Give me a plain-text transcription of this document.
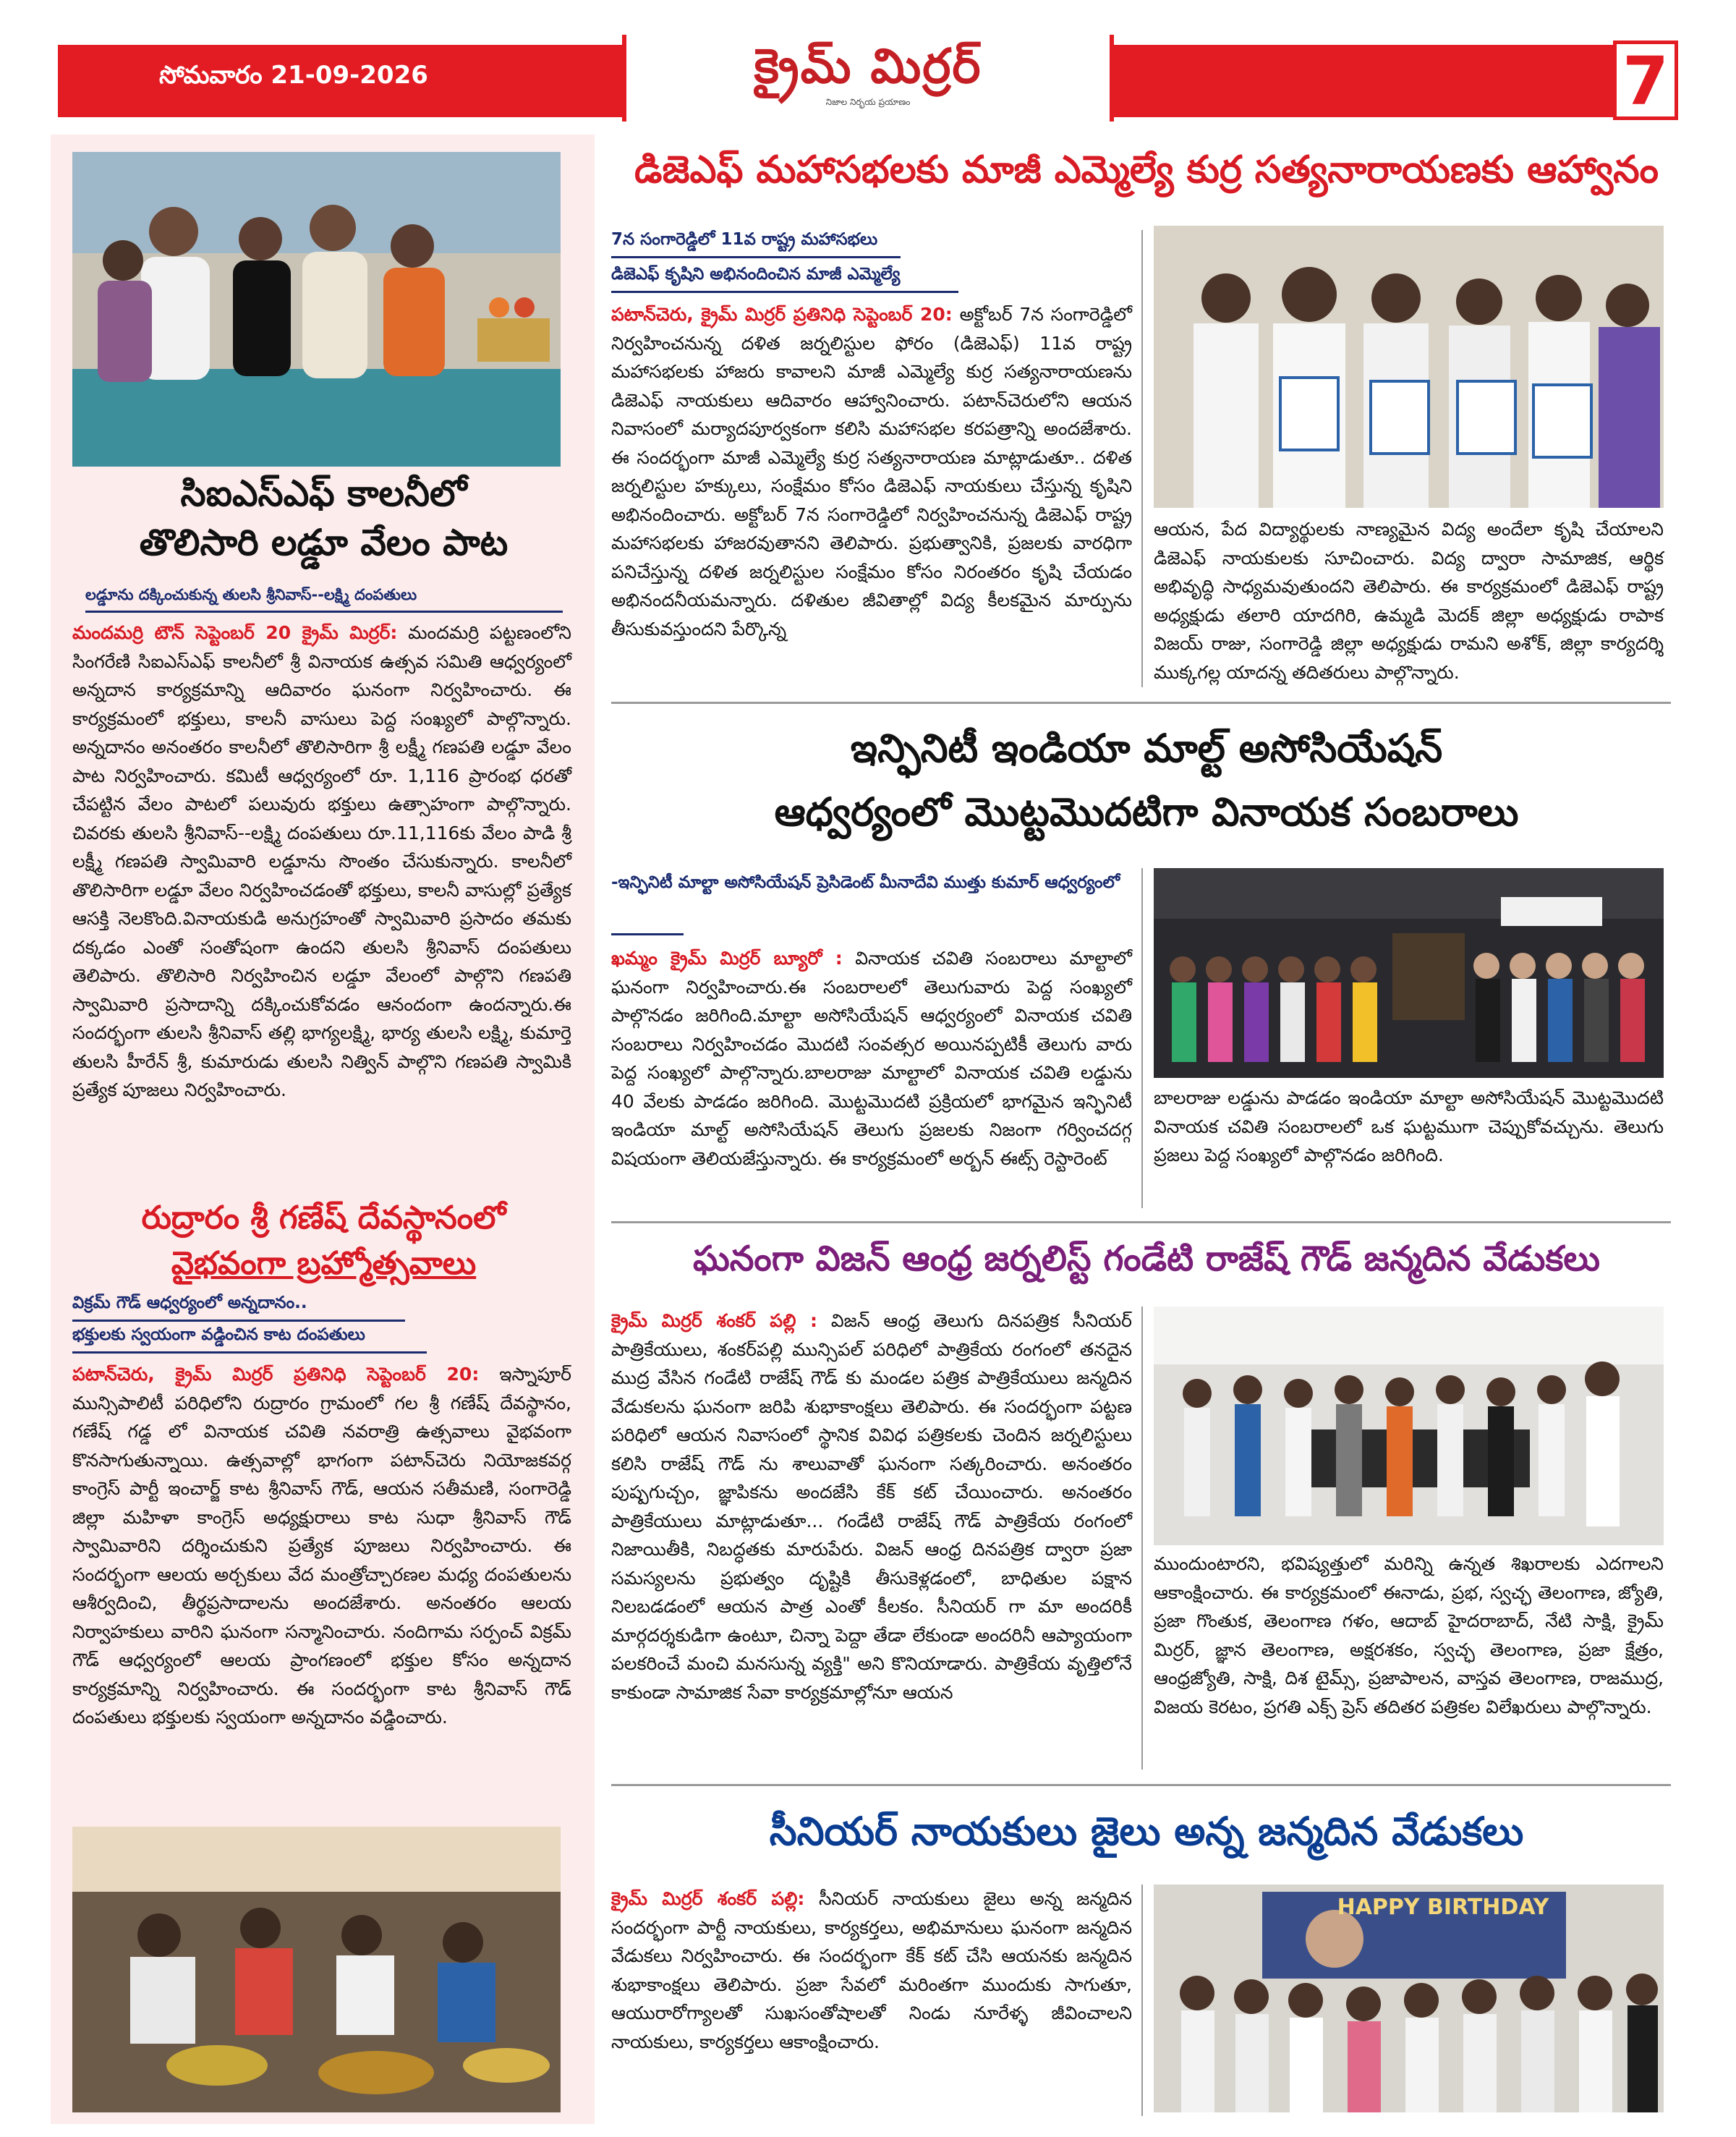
సోమవారం 21-09-2026	క్రైమ్ మిర్రర్
నిజాల నిర్భయ ప్రయాణం	7
సిఐఎస్ఎఫ్ కాలనీలో
తొలిసారి లడ్డూ వేలం పాట
లడ్డూను దక్కించుకున్న తులసి శ్రీనివాస్--లక్ష్మి దంపతులు
మందమర్రి టౌన్ సెప్టెంబర్ 20 క్రైమ్ మిర్రర్: మందమర్రి పట్టణంలోని సింగరేణి సిఐఎస్ఎఫ్ కాలనీలో శ్రీ వినాయక ఉత్సవ సమితి ఆధ్వర్యంలో అన్నదాన కార్యక్రమాన్ని ఆదివారం ఘనంగా నిర్వహించారు. ఈ కార్యక్రమంలో భక్తులు, కాలనీ వాసులు పెద్ద సంఖ్యలో పాల్గొన్నారు. అన్నదానం అనంతరం కాలనీలో తొలిసారిగా శ్రీ లక్ష్మీ గణపతి లడ్డూ వేలం పాట నిర్వహించారు. కమిటీ ఆధ్వర్యంలో రూ. 1,116 ప్రారంభ ధరతో చేపట్టిన వేలం పాటలో పలువురు భక్తులు ఉత్సాహంగా పాల్గొన్నారు. చివరకు తులసి శ్రీనివాస్--లక్ష్మి దంపతులు రూ.11,116కు వేలం పాడి శ్రీ లక్ష్మీ గణపతి స్వామివారి లడ్డూను సొంతం చేసుకున్నారు. కాలనీలో తొలిసారిగా లడ్డూ వేలం నిర్వహించడంతో భక్తులు, కాలనీ వాసుల్లో ప్రత్యేక ఆసక్తి నెలకొంది.వినాయకుడి అనుగ్రహంతో స్వామివారి ప్రసాదం తమకు దక్కడం ఎంతో సంతోషంగా ఉందని తులసి శ్రీనివాస్ దంపతులు తెలిపారు. తొలిసారి నిర్వహించిన లడ్డూ వేలంలో పాల్గొని గణపతి స్వామివారి ప్రసాదాన్ని దక్కించుకోవడం ఆనందంగా ఉందన్నారు.ఈ సందర్భంగా తులసి శ్రీనివాస్ తల్లి భాగ్యలక్ష్మి, భార్య తులసి లక్ష్మి, కుమార్తె తులసి హీరేన్ శ్రీ, కుమారుడు తులసి నిత్విన్ పాల్గొని గణపతి స్వామికి ప్రత్యేక పూజలు నిర్వహించారు.
రుద్రారం శ్రీ గణేష్ దేవస్థానంలో
వైభవంగా బ్రహ్మోత్సవాలు
విక్రమ్ గౌడ్ ఆధ్వర్యంలో అన్నదానం..
భక్తులకు స్వయంగా వడ్డించిన కాట దంపతులు
పటాన్‌చెరు, క్రైమ్ మిర్రర్ ప్రతినిధి సెప్టెంబర్ 20: ఇస్నాపూర్ మున్సిపాలిటీ పరిధిలోని రుద్రారం గ్రామంలో గల శ్రీ గణేష్ దేవస్థానం, గణేష్ గడ్డ లో వినాయక చవితి నవరాత్రి ఉత్సవాలు వైభవంగా కొనసాగుతున్నాయి. ఉత్సవాల్లో భాగంగా పటాన్‌చెరు నియోజకవర్గ కాంగ్రెస్ పార్టీ ఇంచార్జ్ కాట శ్రీనివాస్ గౌడ్, ఆయన సతీమణి, సంగారెడ్డి జిల్లా మహిళా కాంగ్రెస్ అధ్యక్షురాలు కాట సుధా శ్రీనివాస్ గౌడ్ స్వామివారిని దర్శించుకుని ప్రత్యేక పూజలు నిర్వహించారు. ఈ సందర్భంగా ఆలయ అర్చకులు వేద మంత్రోచ్చారణల మధ్య దంపతులను ఆశీర్వదించి, తీర్థప్రసాదాలను అందజేశారు. అనంతరం ఆలయ నిర్వాహకులు వారిని ఘనంగా సన్మానించారు. నందిగామ సర్పంచ్ విక్రమ్ గౌడ్ ఆధ్వర్యంలో ఆలయ ప్రాంగణంలో భక్తుల కోసం అన్నదాన కార్యక్రమాన్ని నిర్వహించారు. ఈ సందర్భంగా కాట శ్రీనివాస్ గౌడ్ దంపతులు భక్తులకు స్వయంగా అన్నదానం వడ్డించారు.
డిజెఎఫ్ మహాసభలకు మాజీ ఎమ్మెల్యే కుర్ర సత్యనారాయణకు ఆహ్వానం
7న సంగారెడ్డిలో 11వ రాష్ట్ర మహాసభలు
డిజెఎఫ్ కృషిని అభినందించిన మాజీ ఎమ్మెల్యే
పటాన్‌చెరు, క్రైమ్ మిర్రర్ ప్రతినిధి సెప్టెంబర్ 20: అక్టోబర్ 7న సంగారెడ్డిలో నిర్వహించనున్న దళిత జర్నలిస్టుల ఫోరం (డిజెఎఫ్) 11వ రాష్ట్ర మహాసభలకు హాజరు కావాలని మాజీ ఎమ్మెల్యే కుర్ర సత్యనారాయణను డిజెఎఫ్ నాయకులు ఆదివారం ఆహ్వానించారు. పటాన్‌చెరులోని ఆయన నివాసంలో మర్యాదపూర్వకంగా కలిసి మహాసభల కరపత్రాన్ని అందజేశారు. ఈ సందర్భంగా మాజీ ఎమ్మెల్యే కుర్ర సత్యనారాయణ మాట్లాడుతూ.. దళిత జర్నలిస్టుల హక్కులు, సంక్షేమం కోసం డిజెఎఫ్ నాయకులు చేస్తున్న కృషిని అభినందించారు. అక్టోబర్ 7న సంగారెడ్డిలో నిర్వహించనున్న డిజెఎఫ్ రాష్ట్ర మహాసభలకు హాజరవుతానని తెలిపారు. ప్రభుత్వానికి, ప్రజలకు వారధిగా పనిచేస్తున్న దళిత జర్నలిస్టుల సంక్షేమం కోసం నిరంతరం కృషి చేయడం అభినందనీయమన్నారు. దళితుల జీవితాల్లో విద్య కీలకమైన మార్పును తీసుకువస్తుందని పేర్కొన్న
ఆయన, పేద విద్యార్థులకు నాణ్యమైన విద్య అందేలా కృషి చేయాలని డిజెఎఫ్ నాయకులకు సూచించారు. విద్య ద్వారా సామాజిక, ఆర్థిక అభివృద్ధి సాధ్యమవుతుందని తెలిపారు. ఈ కార్యక్రమంలో డిజెఎఫ్ రాష్ట్ర అధ్యక్షుడు తలారి యాదగిరి, ఉమ్మడి మెదక్ జిల్లా అధ్యక్షుడు రాపాక విజయ్ రాజు, సంగారెడ్డి జిల్లా అధ్యక్షుడు రామని అశోక్, జిల్లా కార్యదర్శి ముక్కగల్ల యాదన్న తదితరులు పాల్గొన్నారు.
ఇన్ఫినిటీ ఇండియా మాల్ట్ అసోసియేషన్
ఆధ్వర్యంలో మొట్టమొదటిగా వినాయక సంబరాలు
-ఇన్ఫినిటీ మాల్టా అసోసియేషన్ ప్రెసిడెంట్ మీనాదేవి ముత్తు కుమార్ ఆధ్వర్యంలో
ఖమ్మం క్రైమ్ మిర్రర్ బ్యూరో : వినాయక చవితి సంబరాలు మాల్టాలో ఘనంగా నిర్వహించారు.ఈ సంబరాలలో తెలుగువారు పెద్ద సంఖ్యలో పాల్గొనడం జరిగింది.మాల్టా అసోసియేషన్ ఆధ్వర్యంలో వినాయక చవితి సంబరాలు నిర్వహించడం మొదటి సంవత్సర అయినప్పటికీ తెలుగు వారు పెద్ద సంఖ్యలో పాల్గొన్నారు.బాలరాజు మాల్టాలో వినాయక చవితి లడ్డును 40 వేలకు పాడడం జరిగింది. మొట్టమొదటి ప్రక్రియలో భాగమైన ఇన్ఫినిటీ ఇండియా మాల్ట్ అసోసియేషన్ తెలుగు ప్రజలకు నిజంగా గర్వించదగ్గ విషయంగా తెలియజేస్తున్నారు. ఈ కార్యక్రమంలో అర్బన్ ఈట్స్ రెస్టారెంట్
బాలరాజు లడ్డును పాడడం ఇండియా మాల్టా అసోసియేషన్ మొట్టమొదటి వినాయక చవితి సంబరాలలో ఒక ఘట్టముగా చెప్పుకోవచ్చును. తెలుగు ప్రజలు పెద్ద సంఖ్యలో పాల్గొనడం జరిగింది.
ఘనంగా విజన్ ఆంధ్ర జర్నలిస్ట్ గండేటి రాజేష్ గౌడ్ జన్మదిన వేడుకలు
క్రైమ్ మిర్రర్ శంకర్ పల్లి : విజన్ ఆంధ్ర తెలుగు దినపత్రిక సీనియర్ పాత్రికేయులు, శంకర్‌పల్లి మున్సిపల్ పరిధిలో పాత్రికేయ రంగంలో తనదైన ముద్ర వేసిన గండేటి రాజేష్ గౌడ్ కు మండల పత్రిక పాత్రికేయులు జన్మదిన వేడుకలను ఘనంగా జరిపి శుభాకాంక్షలు తెలిపారు. ఈ సందర్భంగా పట్టణ పరిధిలో ఆయన నివాసంలో స్థానిక వివిధ పత్రికలకు చెందిన జర్నలిస్టులు కలిసి రాజేష్ గౌడ్ ను శాలువాతో ఘనంగా సత్కరించారు. అనంతరం పుష్పగుచ్చం, జ్ఞాపికను అందజేసి కేక్ కట్ చేయించారు. అనంతరం పాత్రికేయులు మాట్లాడుతూ... గండేటి రాజేష్ గౌడ్ పాత్రికేయ రంగంలో నిజాయితీకి, నిబద్ధతకు మారుపేరు. విజన్ ఆంధ్ర దినపత్రిక ద్వారా ప్రజా సమస్యలను ప్రభుత్వం దృష్టికి తీసుకెళ్లడంలో, బాధితుల పక్షాన నిలబడడంలో ఆయన పాత్ర ఎంతో కీలకం. సీనియర్ గా మా అందరికీ మార్గదర్శకుడిగా ఉంటూ, చిన్నా పెద్దా తేడా లేకుండా అందరినీ ఆప్యాయంగా పలకరించే మంచి మనసున్న వ్యక్తి" అని కొనియాడారు. పాత్రికేయ వృత్తిలోనే కాకుండా సామాజిక సేవా కార్యక్రమాల్లోనూ ఆయన
ముందుంటారని, భవిష్యత్తులో మరిన్ని ఉన్నత శిఖరాలకు ఎదగాలని ఆకాంక్షించారు. ఈ కార్యక్రమంలో ఈనాడు, ప్రభ, స్వచ్ఛ తెలంగాణ, జ్యోతి, ప్రజా గొంతుక, తెలంగాణ గళం, ఆదాబ్ హైదరాబాద్, నేటి సాక్షి, క్రైమ్ మిర్రర్, జ్ఞాన తెలంగాణ, అక్షరశకం, స్వచ్ఛ తెలంగాణ, ప్రజా క్షేత్రం, ఆంధ్రజ్యోతి, సాక్షి, దిశ టైమ్స్, ప్రజాపాలన, వాస్తవ తెలంగాణ, రాజముద్ర, విజయ కెరటం, ప్రగతి ఎక్స్ ప్రెస్ తదితర పత్రికల విలేఖరులు పాల్గొన్నారు.
సీనియర్ నాయకులు జైలు అన్న జన్మదిన వేడుకలు
క్రైమ్ మిర్రర్ శంకర్ పల్లి: సీనియర్ నాయకులు జైలు అన్న జన్మదిన సందర్భంగా పార్టీ నాయకులు, కార్యకర్తలు, అభిమానులు ఘనంగా జన్మదిన వేడుకలు నిర్వహించారు. ఈ సందర్భంగా కేక్ కట్ చేసి ఆయనకు జన్మదిన శుభాకాంక్షలు తెలిపారు. ప్రజా సేవలో మరింతగా ముందుకు సాగుతూ, ఆయురారోగ్యాలతో సుఖసంతోషాలతో నిండు నూరేళ్ళ జీవించాలని నాయకులు, కార్యకర్తలు ఆకాంక్షించారు.
HAPPY BIRTHDAY
